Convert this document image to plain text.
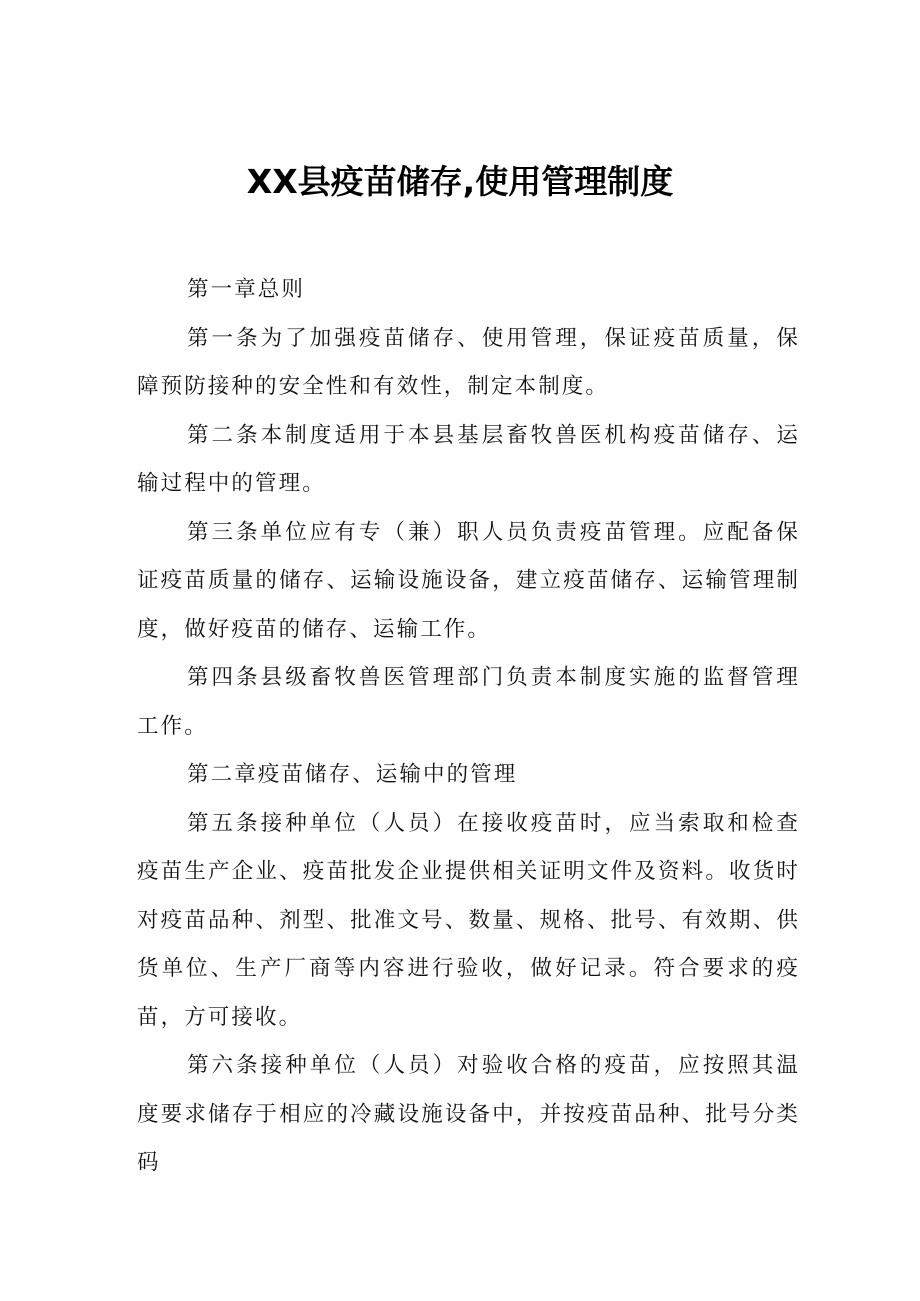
XX县疫苗储存,使用管理制度

第一章总则

第一条为了加强疫苗储存、使用管理，保证疫苗质量，保障预防接种的安全性和有效性，制定本制度。

第二条本制度适用于本县基层畜牧兽医机构疫苗储存、运输过程中的管理。

第三条单位应有专（兼）职人员负责疫苗管理。应配备保证疫苗质量的储存、运输设施设备，建立疫苗储存、运输管理制度，做好疫苗的储存、运输工作。

第四条县级畜牧兽医管理部门负责本制度实施的监督管理工作。

第二章疫苗储存、运输中的管理

第五条接种单位（人员）在接收疫苗时，应当索取和检查疫苗生产企业、疫苗批发企业提供相关证明文件及资料。收货时对疫苗品种、剂型、批准文号、数量、规格、批号、有效期、供货单位、生产厂商等内容进行验收，做好记录。符合要求的疫苗，方可接收。

第六条接种单位（人员）对验收合格的疫苗，应按照其温度要求储存于相应的冷藏设施设备中，并按疫苗品种、批号分类码
